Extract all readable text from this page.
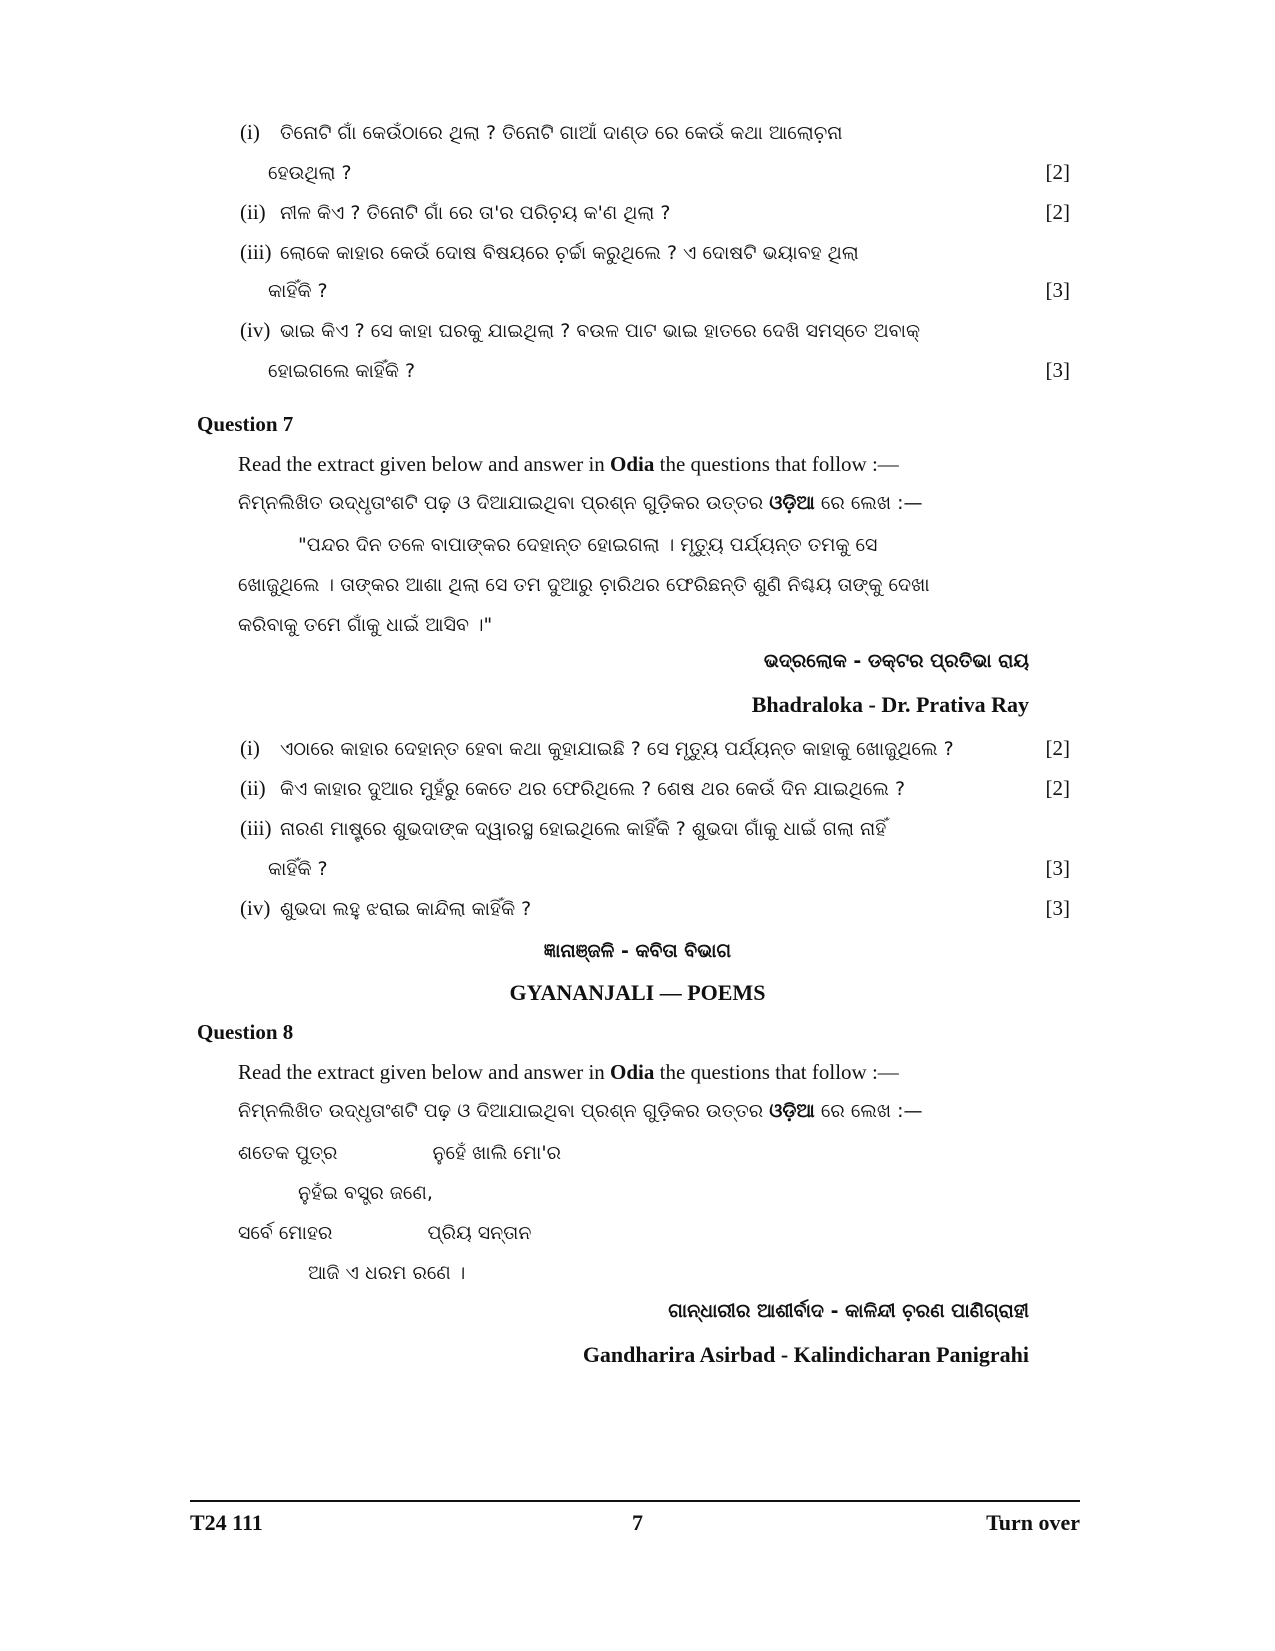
(i) ତିନୋଟି ଗାଁ କେଉଁଠାରେ ଥିଲା ? ତିନୋଟି ଗାଆଁ ଦାଣ୍ଡ ରେ କେଉଁ କଥା ଆଲୋଚ଼ନା
ହେଉଥିଲା ?	[2]
(ii) ନୀଳ କିଏ ? ତିନୋଟି ଗାଁ ରେ ତା'ର ପରିଚ଼ୟ କ'ଣ ଥିଲା ?	[2]
(iii) ଲୋକେ କାହାର କେଉଁ ଦୋଷ ବିଷୟରେ ଚ଼ର୍ଚ୍ଚା କରୁଥିଲେ ? ଏ ଦୋଷଟି ଭୟାବହ ଥିଲା
କାହିଁକି ?	[3]
(iv) ଭାଇ କିଏ ? ସେ କାହା ଘରକୁ ଯାଇଥିଲା ? ବଉଳ ପାଟ ଭାଇ ହାତରେ ଦେଖି ସମସ୍ତେ ଅବାକ୍
ହୋଇଗଲେ କାହିଁକି ?	[3]
Question 7
Read the extract given below and answer in Odia the questions that follow :—
ନିମ୍ନଲିଖିତ ଉଦ୍ଧୃତାଂଶଟି ପଢ଼ ଓ ଦିଆଯାଇଥିବା ପ୍ରଶ୍ନ ଗୁଡ଼ିକର ଉତ୍ତର ଓଡ଼ିଆ ରେ ଲେଖ :—
"ପନ୍ଦର ଦିନ ତଳେ ବାପାଙ୍କର ଦେହାନ୍ତ ହୋଇଗଲା । ମୃତ୍ୟୁ ପର୍ଯ୍ୟନ୍ତ ତମକୁ ସେ
ଖୋଜୁଥିଲେ । ତାଙ୍କର ଆଶା ଥିଲା ସେ ତମ ଦୁଆରୁ ଚ଼ାରିଥର ଫେରିଛନ୍ତି ଶୁଣି ନିଶ୍ଚୟ ତାଙ୍କୁ ଦେଖା
କରିବାକୁ ତମେ ଗାଁକୁ ଧାଇଁ ଆସିବ ।"
ଭଦ୍ରଲୋକ - ଡକ୍ଟର ପ୍ରତିଭା ରାୟ
Bhadraloka - Dr. Prativa Ray
(i) ଏଠାରେ କାହାର ଦେହାନ୍ତ ହେବା କଥା କୁହାଯାଇଛି ? ସେ ମୃତ୍ୟୁ ପର୍ଯ୍ୟନ୍ତ କାହାକୁ ଖୋଜୁଥିଲେ ?	[2]
(ii) କିଏ କାହାର ଦୁଆର ମୁହଁରୁ କେତେ ଥର ଫେରିଥିଲେ ? ଶେଷ ଥର କେଉଁ ଦିନ ଯାଇଥିଲେ ?	[2]
(iii) ନାରଣ ମାଷ୍ଟ୍ରେ ଶୁଭଦାଙ୍କ ଦ୍ୱାରସ୍ଥ ହୋଇଥିଲେ କାହିଁକି ? ଶୁଭଦା ଗାଁକୁ ଧାଇଁ ଗଲା ନାହିଁ
କାହିଁକି ?	[3]
(iv) ଶୁଭଦା ଲହୁ ଝରାଇ କାନ୍ଦିଲା କାହିଁକି ?	[3]
ଜ୍ଞାନାଞ୍ଜଳି - କବିତା ବିଭାଗ
GYANANJALI — POEMS
Question 8
Read the extract given below and answer in Odia the questions that follow :—
ନିମ୍ନଲିଖିତ ଉଦ୍ଧୃତାଂଶଟି ପଢ଼ ଓ ଦିଆଯାଇଥିବା ପ୍ରଶ୍ନ ଗୁଡ଼ିକର ଉତ୍ତର ଓଡ଼ିଆ ରେ ଲେଖ :—
ଶତେକ ପୁତ୍ର	ନୁହେଁ ଖାଲି ମୋ'ର
ନୁହଁଇ ବସ୍ତ୍ର ଜଣେ,
ସର୍ବେ ମୋହର	ପ୍ରିୟ ସନ୍ତାନ
ଆଜି ଏ ଧରମ ରଣେ ।
ଗାନ୍ଧାରୀର ଆଶୀର୍ବାଦ - କାଳିନ୍ଦୀ ଚ଼ରଣ ପାଣିଗ୍ରାହୀ
Gandharira Asirbad - Kalindicharan Panigrahi
T24 111	7	Turn over
